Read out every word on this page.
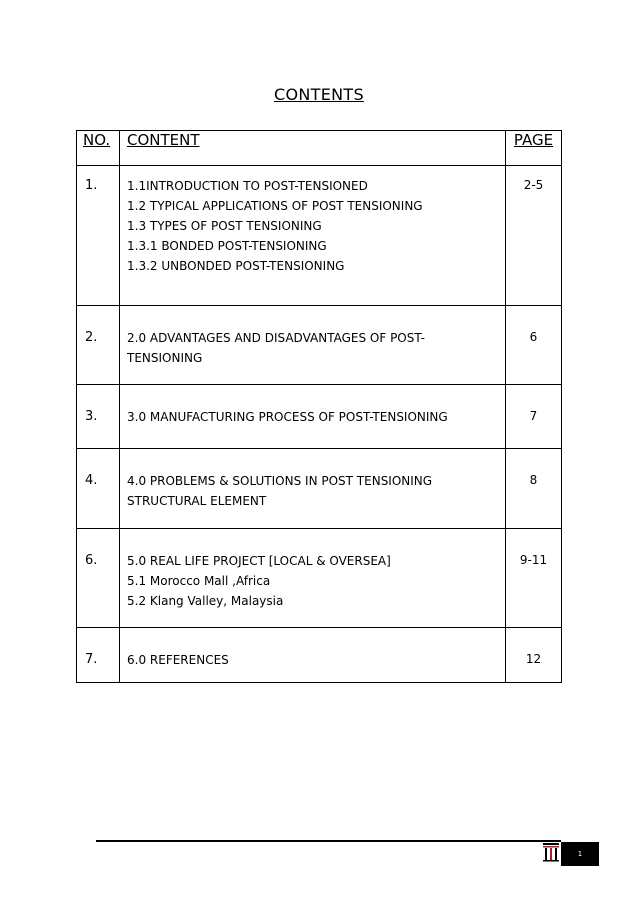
CONTENTS
NO.	CONTENT	PAGE
1.	1.1INTRODUCTION TO POST-TENSIONED
1.2 TYPICAL APPLICATIONS OF POST TENSIONING
1.3 TYPES OF POST TENSIONING
1.3.1 BONDED POST-TENSIONING
1.3.2 UNBONDED POST-TENSIONING	2-5
2.	2.0 ADVANTAGES AND DISADVANTAGES OF POST-
TENSIONING	6
3.	3.0 MANUFACTURING PROCESS OF POST-TENSIONING	7
4.	4.0 PROBLEMS & SOLUTIONS IN POST TENSIONING
STRUCTURAL ELEMENT	8
6.	5.0 REAL LIFE PROJECT [LOCAL & OVERSEA]
5.1 Morocco Mall ,Africa
5.2 Klang Valley, Malaysia	9-11
7.	6.0 REFERENCES	12
1
